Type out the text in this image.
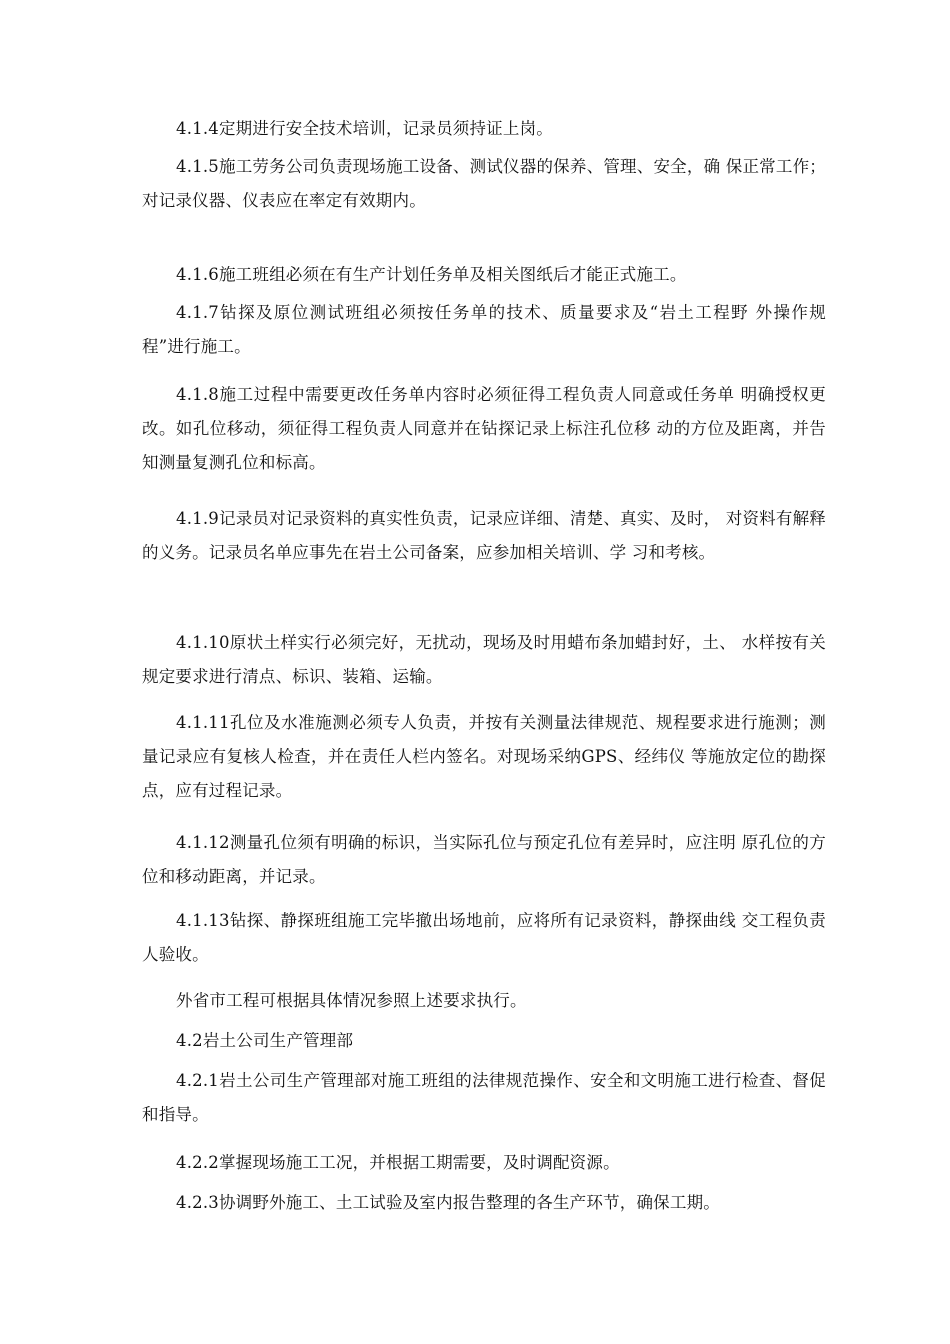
4.1.4定期进行安全技术培训，记录员须持证上岗。

4.1.5施工劳务公司负责现场施工设备、测试仪器的保养、管理、安全，确 保正常工作；对记录仪器、仪表应在率定有效期内。

4.1.6施工班组必须在有生产计划任务单及相关图纸后才能正式施工。

4.1.7钻探及原位测试班组必须按任务单的技术、质量要求及“岩土工程野 外操作规程”进行施工。

4.1.8施工过程中需要更改任务单内容时必须征得工程负责人同意或任务单 明确授权更改。如孔位移动，须征得工程负责人同意并在钻探记录上标注孔位移 动的方位及距离，并告知测量复测孔位和标高。

4.1.9记录员对记录资料的真实性负责，记录应详细、清楚、真实、及时， 对资料有解释的义务。记录员名单应事先在岩土公司备案，应参加相关培训、学 习和考核。

4.1.10原状土样实行必须完好，无扰动，现场及时用蜡布条加蜡封好，土、 水样按有关规定要求进行清点、标识、装箱、运输。

4.1.11孔位及水准施测必须专人负责，并按有关测量法律规范、规程要求进行施测；测量记录应有复核人检查，并在责任人栏内签名。对现场采纳GPS、经纬仪 等施放定位的勘探点，应有过程记录。

4.1.12测量孔位须有明确的标识，当实际孔位与预定孔位有差异时，应注明 原孔位的方位和移动距离，并记录。

4.1.13钻探、静探班组施工完毕撤出场地前，应将所有记录资料，静探曲线 交工程负责人验收。

外省市工程可根据具体情况参照上述要求执行。

4.2岩土公司生产管理部

4.2.1岩土公司生产管理部对施工班组的法律规范操作、安全和文明施工进行检查、督促和指导。

4.2.2掌握现场施工工况，并根据工期需要，及时调配资源。

4.2.3协调野外施工、土工试验及室内报告整理的各生产环节，确保工期。
